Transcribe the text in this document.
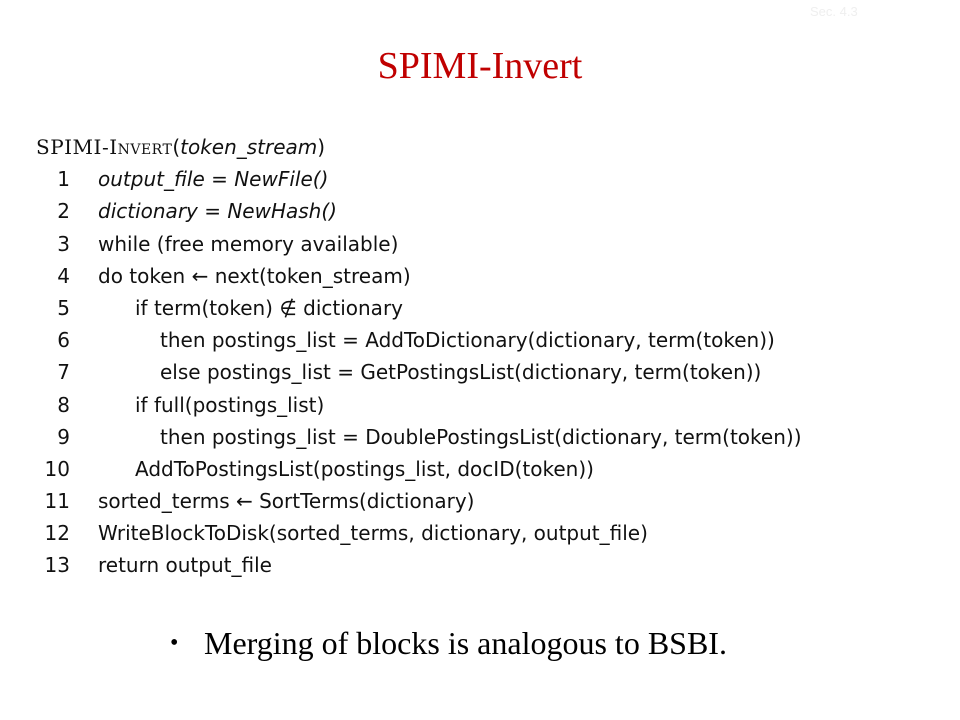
Sec. 4.3
SPIMI-Invert
SPIMI-Invert(token_stream)
1 output_file = NewFile()
2 dictionary = NewHash()
3 while (free memory available)
4 do token ← next(token_stream)
5	if term(token) ∉ dictionary
6	then postings_list = AddToDictionary(dictionary, term(token))
7	else postings_list = GetPostingsList(dictionary, term(token))
8	if full(postings_list)
9	then postings_list = DoublePostingsList(dictionary, term(token))
10	AddToPostingsList(postings_list, docID(token))
11 sorted_terms ← SortTerms(dictionary)
12 WriteBlockToDisk(sorted_terms, dictionary, output_file)
13 return output_file
• Merging of blocks is analogous to BSBI.
